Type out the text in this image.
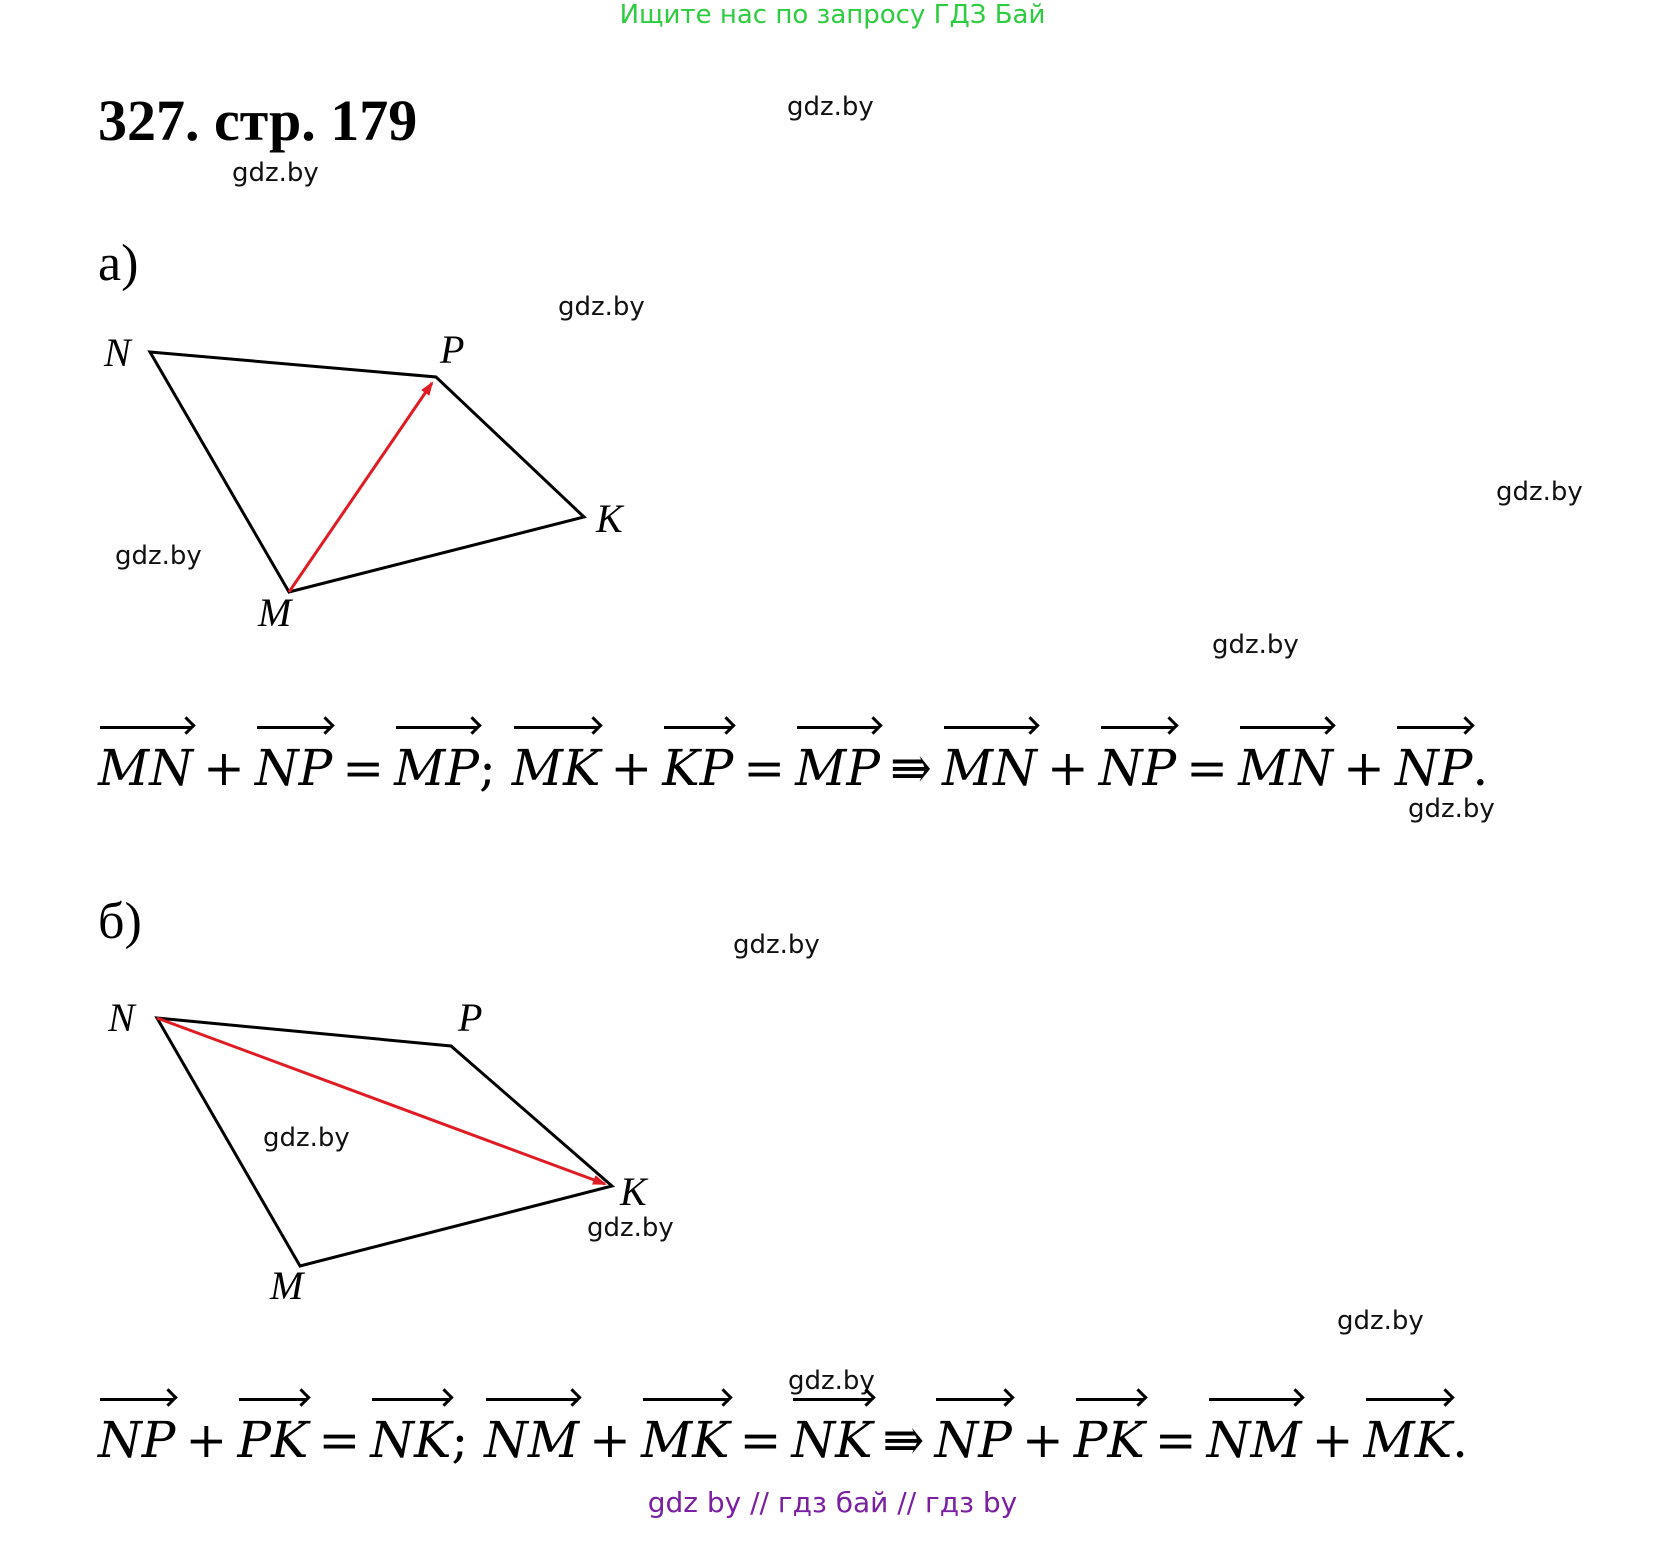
Ищите нас по запросу ГДЗ Бай
327. стр. 179	gdz.by
gdz.by
gdz.by
gdz.by
gdz.by
gdz.by
gdz.by
gdz.by
gdz.by
gdz.by
gdz.by
gdz.by
а)
N	P
K
M
MN + NP = MP; MK + KP = MP ⇛ MN + NP = MN + NP.
б)
N	P
K
M
NP + PK = NK; NM + MK = NK ⇛ NP + PK = NM + MK.
gdz by // гдз бай // гдз by
